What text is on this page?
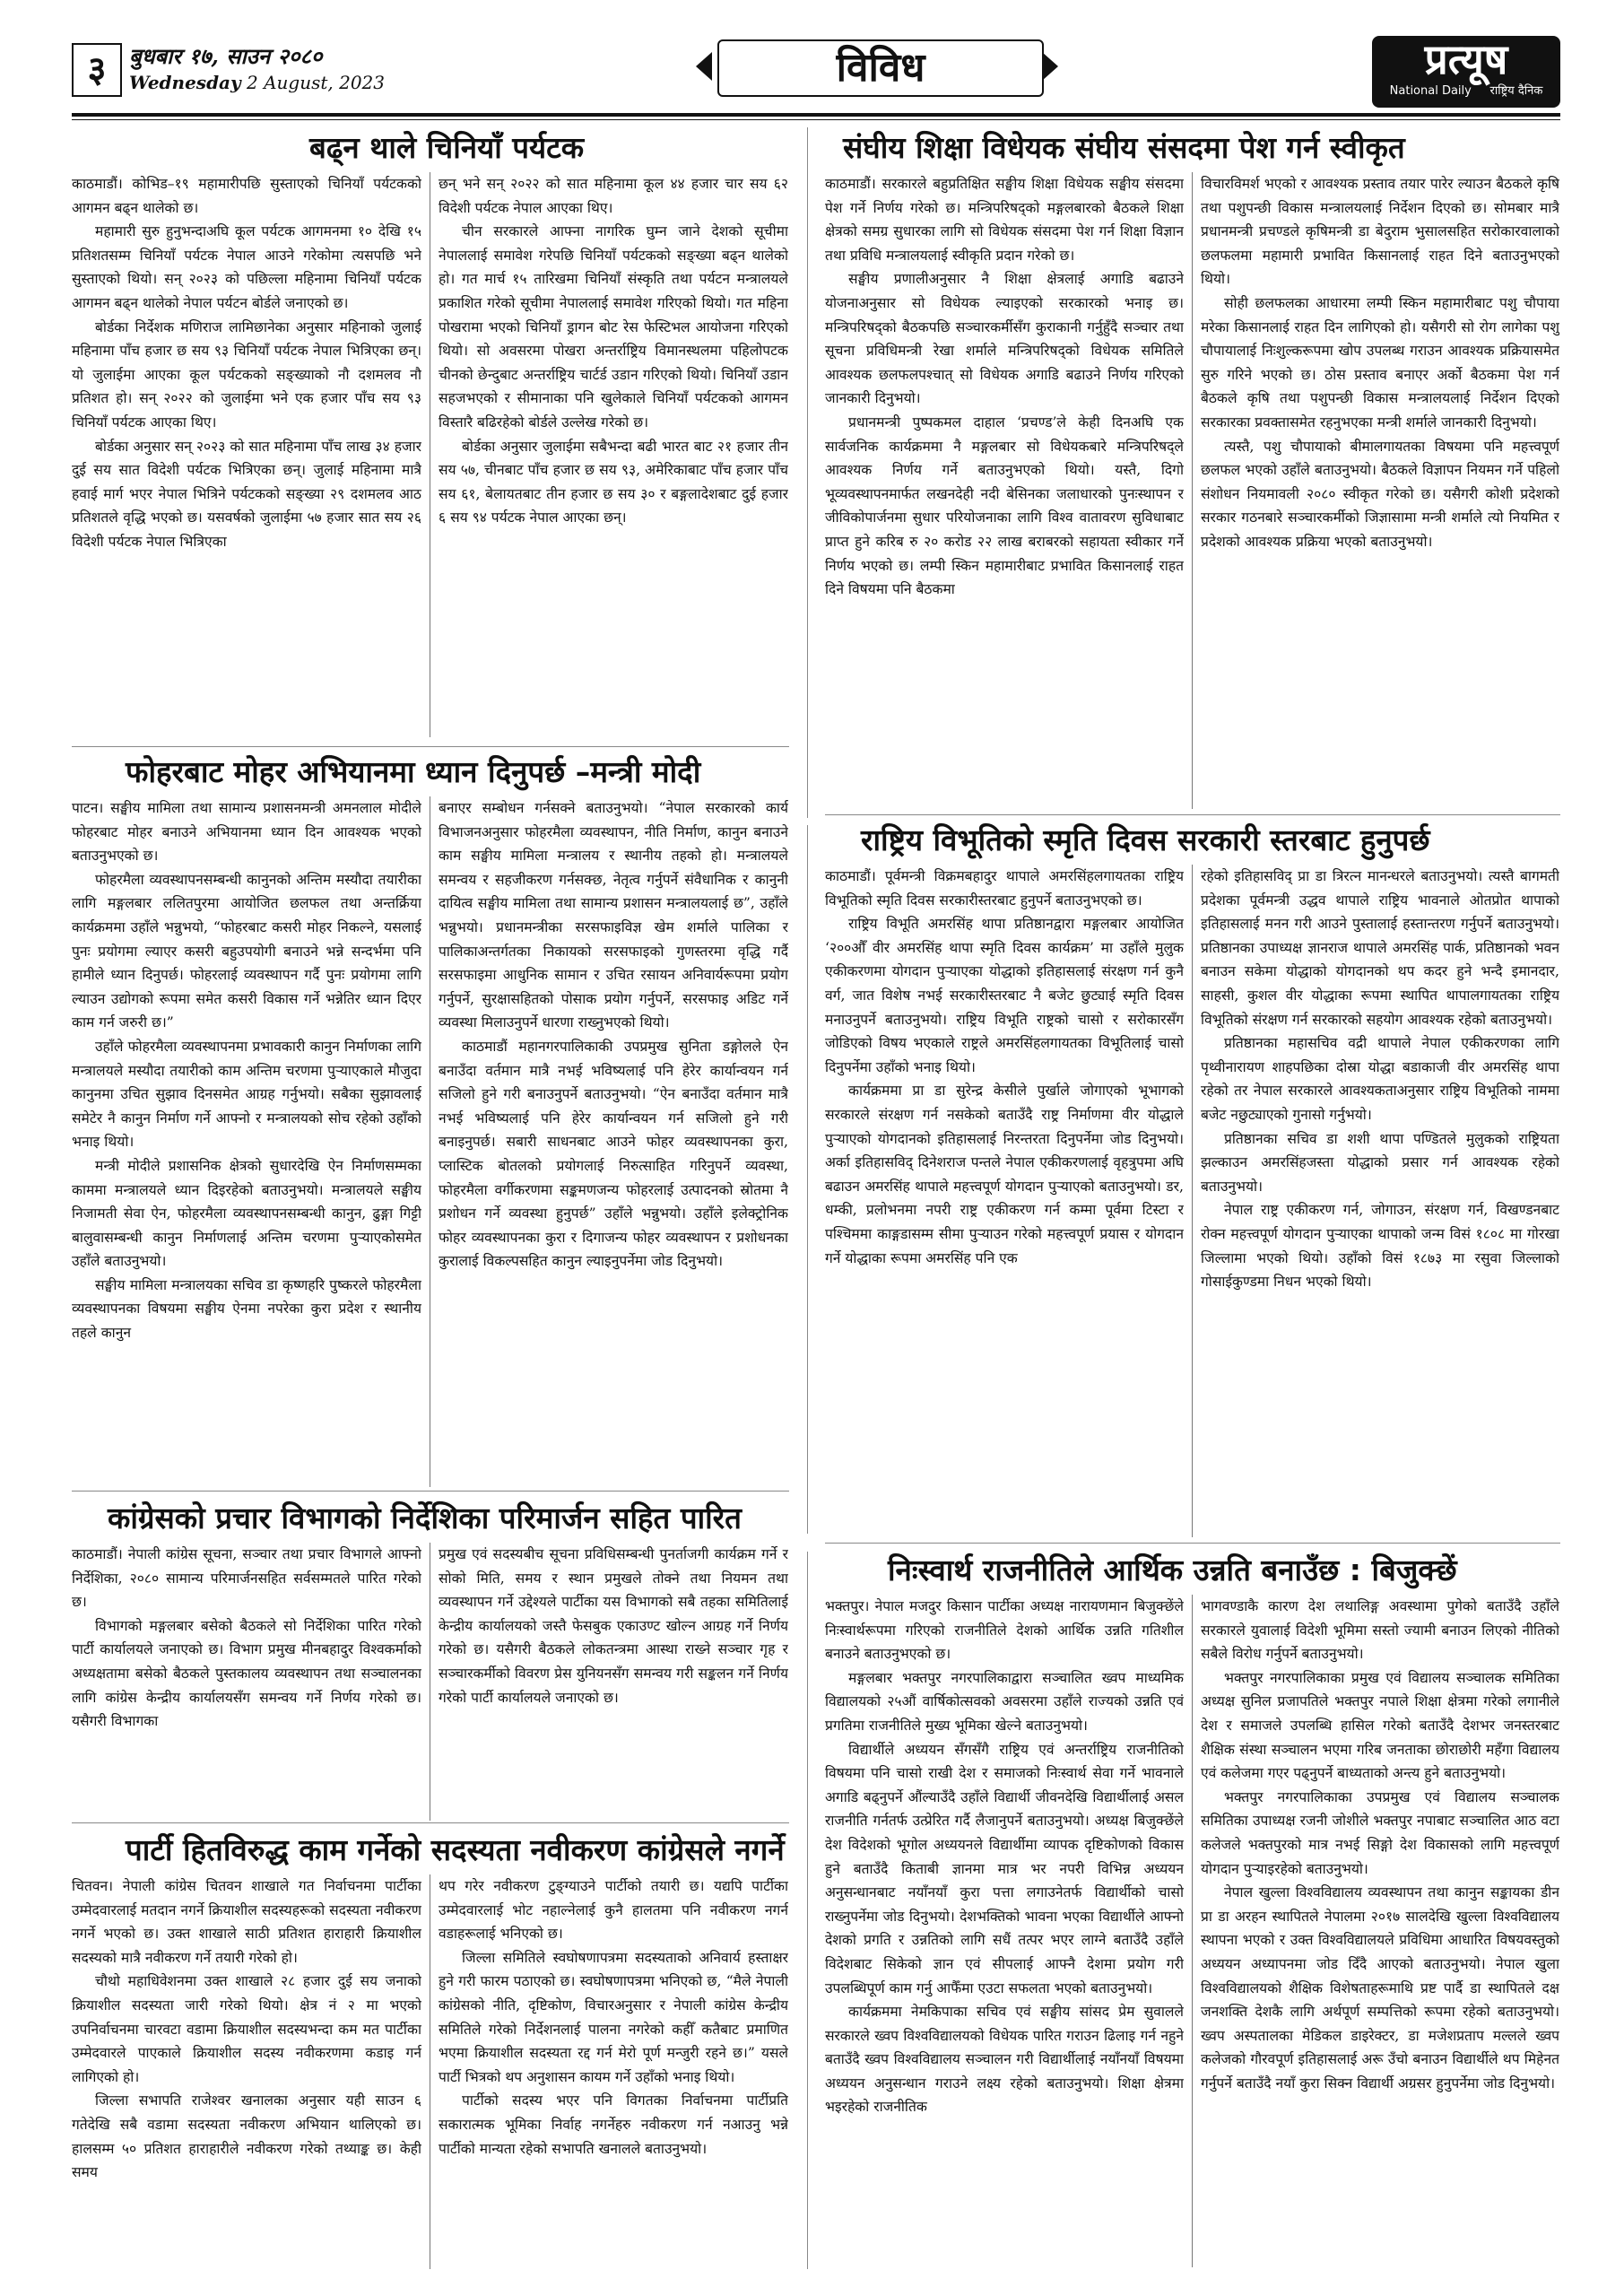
३	बुधबार १७, साउन २०८०
Wednesday 2 August, 2023	विविध	प्रत्यूष
National Daily राष्ट्रिय दैनिक
बढ्न थाले चिनियाँ पर्यटक

काठमाडौं। कोभिड–१९ महामारीपछि सुस्ताएको चिनियाँ पर्यटकको आगमन बढ्न थालेको छ।

महामारी सुरु हुनुभन्दाअघि कूल पर्यटक आगमनमा १० देखि १५ प्रतिशतसम्म चिनियाँ पर्यटक नेपाल आउने गरेकोमा त्यसपछि भने सुस्ताएको थियो। सन् २०२३ को पछिल्ला महिनामा चिनियाँ पर्यटक आगमन बढ्न थालेको नेपाल पर्यटन बोर्डले जनाएको छ।

बोर्डका निर्देशक मणिराज लामिछानेका अनुसार महिनाको जुलाई महिनामा पाँच हजार छ सय ९३ चिनियाँ पर्यटक नेपाल भित्रिएका छन्। यो जुलाईमा आएका कूल पर्यटकको सङ्ख्याको नौ दशमलव नौ प्रतिशत हो। सन् २०२२ को जुलाईमा भने एक हजार पाँच सय ९३ चिनियाँ पर्यटक आएका थिए।

बोर्डका अनुसार सन् २०२३ को सात महिनामा पाँच लाख ३४ हजार दुई सय सात विदेशी पर्यटक भित्रिएका छन्। जुलाई महिनामा मात्रै हवाई मार्ग भएर नेपाल भित्रिने पर्यटकको सङ्ख्या २९ दशमलव आठ प्रतिशतले वृद्धि भएको छ। यसवर्षको जुलाईमा ५७ हजार सात सय २६ विदेशी पर्यटक नेपाल भित्रिएका

छन् भने सन् २०२२ को सात महिनामा कूल ४४ हजार चार सय ६२ विदेशी पर्यटक नेपाल आएका थिए।

चीन सरकारले आफ्ना नागरिक घुम्न जाने देशको सूचीमा नेपाललाई समावेश गरेपछि चिनियाँ पर्यटकको सङ्ख्या बढ्न थालेको हो। गत मार्च १५ तारिखमा चिनियाँ संस्कृति तथा पर्यटन मन्त्रालयले प्रकाशित गरेको सूचीमा नेपाललाई समावेश गरिएको थियो। गत महिना पोखरामा भएको चिनियाँ ड्रागन बोट रेस फेस्टिभल आयोजना गरिएको थियो। सो अवसरमा पोखरा अन्तर्राष्ट्रिय विमानस्थलमा पहिलोपटक चीनको छेन्दुबाट अन्तर्राष्ट्रिय चार्टर्ड उडान गरिएको थियो। चिनियाँ उडान सहजभएको र सीमानाका पनि खुलेकाले चिनियाँ पर्यटकको आगमन विस्तारै बढिरहेको बोर्डले उल्लेख गरेको छ।

बोर्डका अनुसार जुलाईमा सबैभन्दा बढी भारत बाट २१ हजार तीन सय ५७, चीनबाट पाँच हजार छ सय ९३, अमेरिकाबाट पाँच हजार पाँच सय ६१, बेलायतबाट तीन हजार छ सय ३० र बङ्गलादेशबाट दुई हजार ६ सय ९४ पर्यटक नेपाल आएका छन्।

संघीय शिक्षा विधेयक संघीय संसदमा पेश गर्न स्वीकृत

काठमाडौं। सरकारले बहुप्रतिक्षित सङ्घीय शिक्षा विधेयक सङ्घीय संसदमा पेश गर्ने निर्णय गरेको छ। मन्त्रिपरिषद्को मङ्गलबारको बैठकले शिक्षा क्षेत्रको समग्र सुधारका लागि सो विधेयक संसदमा पेश गर्न शिक्षा विज्ञान तथा प्रविधि मन्त्रालयलाई स्वीकृति प्रदान गरेको छ।

सङ्घीय प्रणालीअनुसार नै शिक्षा क्षेत्रलाई अगाडि बढाउने योजनाअनुसार सो विधेयक ल्याइएको सरकारको भनाइ छ। मन्त्रिपरिषद्को बैठकपछि सञ्चारकर्मीसँग कुराकानी गर्नुहुँदै सञ्चार तथा सूचना प्रविधिमन्त्री रेखा शर्माले मन्त्रिपरिषद्को विधेयक समितिले आवश्यक छलफलपश्चात् सो विधेयक अगाडि बढाउने निर्णय गरिएको जानकारी दिनुभयो।

प्रधानमन्त्री पुष्पकमल दाहाल ‘प्रचण्ड’ले केही दिनअघि एक सार्वजनिक कार्यक्रममा नै मङ्गलबार सो विधेयकबारे मन्त्रिपरिषद्ले आवश्यक निर्णय गर्ने बताउनुभएको थियो। यस्तै, दिगो भूव्यवस्थापनमार्फत लखनदेही नदी बेसिनका जलाधारको पुनःस्थापन र जीविकोपार्जनमा सुधार परियोजनाका लागि विश्व वातावरण सुविधाबाट प्राप्त हुने करिब रु २० करोड २२ लाख बराबरको सहायता स्वीकार गर्ने निर्णय भएको छ। लम्पी स्किन महामारीबाट प्रभावित किसानलाई राहत दिने विषयमा पनि बैठकमा

विचारविमर्श भएको र आवश्यक प्रस्ताव तयार पारेर ल्याउन बैठकले कृषि तथा पशुपन्छी विकास मन्त्रालयलाई निर्देशन दिएको छ। सोमबार मात्रै प्रधानमन्त्री प्रचण्डले कृषिमन्त्री डा बेदुराम भुसालसहित सरोकारवालाको छलफलमा महामारी प्रभावित किसानलाई राहत दिने बताउनुभएको थियो।

सोही छलफलका आधारमा लम्पी स्किन महामारीबाट पशु चौपाया मरेका किसानलाई राहत दिन लागिएको हो। यसैगरी सो रोग लागेका पशु चौपायालाई निःशुल्करूपमा खोप उपलब्ध गराउन आवश्यक प्रक्रियासमेत सुरु गरिने भएको छ। ठोस प्रस्ताव बनाएर अर्को बैठकमा पेश गर्न बैठकले कृषि तथा पशुपन्छी विकास मन्त्रालयलाई निर्देशन दिएको सरकारका प्रवक्तासमेत रहनुभएका मन्त्री शर्माले जानकारी दिनुभयो।

त्यस्तै, पशु चौपायाको बीमालगायतका विषयमा पनि महत्त्वपूर्ण छलफल भएको उहाँले बताउनुभयो। बैठकले विज्ञापन नियमन गर्ने पहिलो संशोधन नियमावली २०८० स्वीकृत गरेको छ। यसैगरी कोशी प्रदेशको सरकार गठनबारे सञ्चारकर्मीको जिज्ञासामा मन्त्री शर्माले त्यो नियमित र प्रदेशको आवश्यक प्रक्रिया भएको बताउनुभयो।

फोहरबाट मोहर अभियानमा ध्यान दिनुपर्छ –मन्त्री मोदी

पाटन। सङ्घीय मामिला तथा सामान्य प्रशासनमन्त्री अमनलाल मोदीले फोहरबाट मोहर बनाउने अभियानमा ध्यान दिन आवश्यक भएको बताउनुभएको छ।

फोहरमैला व्यवस्थापनसम्बन्धी कानुनको अन्तिम मस्यौदा तयारीका लागि मङ्गलबार ललितपुरमा आयोजित छलफल तथा अन्तर्क्रिया कार्यक्रममा उहाँले भन्नुभयो, “फोहरबाट कसरी मोहर निकल्ने, यसलाई पुनः प्रयोगमा ल्याएर कसरी बहुउपयोगी बनाउने भन्ने सन्दर्भमा पनि हामीले ध्यान दिनुपर्छ। फोहरलाई व्यवस्थापन गर्दै पुनः प्रयोगमा लागि ल्याउन उद्योगको रूपमा समेत कसरी विकास गर्ने भन्नेतिर ध्यान दिएर काम गर्न जरुरी छ।”

उहाँले फोहरमैला व्यवस्थापनमा प्रभावकारी कानुन निर्माणका लागि मन्त्रालयले मस्यौदा तयारीको काम अन्तिम चरणमा पुर्‍याएकाले मौजुदा कानुनमा उचित सुझाव दिनसमेत आग्रह गर्नुभयो। सबैका सुझावलाई समेटेर नै कानुन निर्माण गर्ने आफ्नो र मन्त्रालयको सोच रहेको उहाँको भनाइ थियो।

मन्त्री मोदीले प्रशासनिक क्षेत्रको सुधारदेखि ऐन निर्माणसम्मका काममा मन्त्रालयले ध्यान दिइरहेको बताउनुभयो। मन्त्रालयले सङ्घीय निजामती सेवा ऐन, फोहरमैला व्यवस्थापनसम्बन्धी कानुन, ढुङ्गा गिट्टी बालुवासम्बन्धी कानुन निर्माणलाई अन्तिम चरणमा पुर्‍याएकोसमेत उहाँले बताउनुभयो।

सङ्घीय मामिला मन्त्रालयका सचिव डा कृष्णहरि पुष्करले फोहरमैला व्यवस्थापनका विषयमा सङ्घीय ऐनमा नपरेका कुरा प्रदेश र स्थानीय तहले कानुन

बनाएर सम्बोधन गर्नसक्ने बताउनुभयो। “नेपाल सरकारको कार्य विभाजनअनुसार फोहरमैला व्यवस्थापन, नीति निर्माण, कानुन बनाउने काम सङ्घीय मामिला मन्त्रालय र स्थानीय तहको हो। मन्त्रालयले समन्वय र सहजीकरण गर्नसक्छ, नेतृत्व गर्नुपर्ने संवैधानिक र कानुनी दायित्व सङ्घीय मामिला तथा सामान्य प्रशासन मन्त्रालयलाई छ”, उहाँले भन्नुभयो। प्रधानमन्त्रीका सरसफाइविज्ञ खेम शर्माले पालिका र पालिकाअन्तर्गतका निकायको सरसफाइको गुणस्तरमा वृद्धि गर्दै सरसफाइमा आधुनिक सामान र उचित रसायन अनिवार्यरूपमा प्रयोग गर्नुपर्ने, सुरक्षासहितको पोसाक प्रयोग गर्नुपर्ने, सरसफाइ अडिट गर्ने व्यवस्था मिलाउनुपर्ने धारणा राख्नुभएको थियो।

काठमाडौं महानगरपालिकाकी उपप्रमुख सुनिता डङ्गोलले ऐन बनाउँदा वर्तमान मात्रै नभई भविष्यलाई पनि हेरेर कार्यान्वयन गर्न सजिलो हुने गरी बनाउनुपर्ने बताउनुभयो। “ऐन बनाउँदा वर्तमान मात्रै नभई भविष्यलाई पनि हेरेर कार्यान्वयन गर्न सजिलो हुने गरी बनाइनुपर्छ। सबारी साधनबाट आउने फोहर व्यवस्थापनका कुरा, प्लास्टिक बोतलको प्रयोगलाई निरुत्साहित गरिनुपर्ने व्यवस्था, फोहरमैला वर्गीकरणमा सङ्कमणजन्य फोहरलाई उत्पादनको स्रोतमा नै प्रशोधन गर्ने व्यवस्था हुनुपर्छ” उहाँले भन्नुभयो। उहाँले इलेक्ट्रोनिक फोहर व्यवस्थापनका कुरा र दिगाजन्य फोहर व्यवस्थापन र प्रशोधनका कुरालाई विकल्पसहित कानुन ल्याइनुपर्नेमा जोड दिनुभयो।

राष्ट्रिय विभूतिको स्मृति दिवस सरकारी स्तरबाट हुनुपर्छ

काठमाडौं। पूर्वमन्त्री विक्रमबहादुर थापाले अमरसिंहलगायतका राष्ट्रिय विभूतिको स्मृति दिवस सरकारीस्तरबाट हुनुपर्ने बताउनुभएको छ।

राष्ट्रिय विभूति अमरसिंह थापा प्रतिष्ठानद्वारा मङ्गलबार आयोजित ‘२००औँ वीर अमरसिंह थापा स्मृति दिवस कार्यक्रम’ मा उहाँले मुलुक एकीकरणमा योगदान पुर्‍याएका योद्धाको इतिहासलाई संरक्षण गर्न कुनै वर्ग, जात विशेष नभई सरकारीस्तरबाट नै बजेट छुट्याई स्मृति दिवस मनाउनुपर्ने बताउनुभयो। राष्ट्रिय विभूति राष्ट्रको चासो र सरोकारसँग जोडिएको विषय भएकाले राष्ट्रले अमरसिंहलगायतका विभूतिलाई चासो दिनुपर्नेमा उहाँको भनाइ थियो।

कार्यक्रममा प्रा डा सुरेन्द्र केसीले पुर्खाले जोगाएको भूभागको सरकारले संरक्षण गर्न नसकेको बताउँदै राष्ट्र निर्माणमा वीर योद्धाले पुर्‍याएको योगदानको इतिहासलाई निरन्तरता दिनुपर्नेमा जोड दिनुभयो। अर्का इतिहासविद् दिनेशराज पन्तले नेपाल एकीकरणलाई वृहत्रुपमा अघि बढाउन अमरसिंह थापाले महत्त्वपूर्ण योगदान पुर्‍याएको बताउनुभयो। डर, धम्की, प्रलोभनमा नपरी राष्ट्र एकीकरण गर्न कम्मा पूर्वमा टिस्टा र पश्चिममा काङ्गडासम्म सीमा पुर्‍याउन गरेको महत्त्वपूर्ण प्रयास र योगदान गर्ने योद्धाका रूपमा अमरसिंह पनि एक

रहेको इतिहासविद् प्रा डा त्रिरत्न मानन्धरले बताउनुभयो। त्यस्तै बागमती प्रदेशका पूर्वमन्त्री उद्धव थापाले राष्ट्रिय भावनाले ओतप्रोत थापाको इतिहासलाई मनन गरी आउने पुस्तालाई हस्तान्तरण गर्नुपर्ने बताउनुभयो। प्रतिष्ठानका उपाध्यक्ष ज्ञानराज थापाले अमरसिंह पार्क, प्रतिष्ठानको भवन बनाउन सकेमा योद्धाको योगदानको थप कदर हुने भन्दै इमानदार, साहसी, कुशल वीर योद्धाका रूपमा स्थापित थापालगायतका राष्ट्रिय विभूतिको संरक्षण गर्न सरकारको सहयोग आवश्यक रहेको बताउनुभयो।

प्रतिष्ठानका महासचिव वद्री थापाले नेपाल एकीकरणका लागि पृथ्वीनारायण शाहपछिका दोस्रा योद्धा बडाकाजी वीर अमरसिंह थापा रहेको तर नेपाल सरकारले आवश्यकताअनुसार राष्ट्रिय विभूतिको नाममा बजेट नछुट्याएको गुनासो गर्नुभयो।

प्रतिष्ठानका सचिव डा शशी थापा पण्डितले मुलुकको राष्ट्रियता झल्काउन अमरसिंहजस्ता योद्धाको प्रसार गर्न आवश्यक रहेको बताउनुभयो।

नेपाल राष्ट्र एकीकरण गर्न, जोगाउन, संरक्षण गर्न, विखण्डनबाट रोक्न महत्त्वपूर्ण योगदान पुर्‍याएका थापाको जन्म विसं १८०८ मा गोरखा जिल्लामा भएको थियो। उहाँको विसं १८७३ मा रसुवा जिल्लाको गोसाईकुण्डमा निधन भएको थियो।

कांग्रेसको प्रचार विभागको निर्देशिका परिमार्जन सहित पारित

काठमाडौं। नेपाली कांग्रेस सूचना, सञ्चार तथा प्रचार विभागले आफ्नो निर्देशिका, २०८० सामान्य परिमार्जनसहित सर्वसम्मतले पारित गरेको छ।

विभागको मङ्गलबार बसेको बैठकले सो निर्देशिका पारित गरेको पार्टी कार्यालयले जनाएको छ। विभाग प्रमुख मीनबहादुर विश्वकर्माको अध्यक्षतामा बसेको बैठकले पुस्तकालय व्यवस्थापन तथा सञ्चालनका लागि कांग्रेस केन्द्रीय कार्यालयसँग समन्वय गर्ने निर्णय गरेको छ। यसैगरी विभागका

प्रमुख एवं सदस्यबीच सूचना प्रविधिसम्बन्धी पुनर्ताजगी कार्यक्रम गर्ने र सोको मिति, समय र स्थान प्रमुखले तोक्ने तथा नियमन तथा व्यवस्थापन गर्ने उद्देश्यले पार्टीका यस विभागको सबै तहका समितिलाई केन्द्रीय कार्यालयको जस्तै फेसबुक एकाउण्ट खोल्न आग्रह गर्ने निर्णय गरेको छ। यसैगरी बैठकले लोकतन्त्रमा आस्था राख्ने सञ्चार गृह र सञ्चारकर्मीको विवरण प्रेस युनियनसँग समन्वय गरी सङ्कलन गर्ने निर्णय गरेको पार्टी कार्यालयले जनाएको छ।

निःस्वार्थ राजनीतिले आर्थिक उन्नति बनाउँछ : बिजुक्छें

भक्तपुर। नेपाल मजदुर किसान पार्टीका अध्यक्ष नारायणमान बिजुक्छेंले निःस्वार्थरूपमा गरिएको राजनीतिले देशको आर्थिक उन्नति गतिशील बनाउने बताउनुभएको छ।

मङ्गलबार भक्तपुर नगरपालिकाद्वारा सञ्चालित ख्वप माध्यमिक विद्यालयको २५औं वार्षिकोत्सवको अवसरमा उहाँले राज्यको उन्नति एवं प्रगतिमा राजनीतिले मुख्य भूमिका खेल्ने बताउनुभयो।

विद्यार्थीले अध्ययन सँगसँगै राष्ट्रिय एवं अन्तर्राष्ट्रिय राजनीतिको विषयमा पनि चासो राखी देश र समाजको निःस्वार्थ सेवा गर्ने भावनाले अगाडि बढ्नुपर्ने औंल्याउँदै उहाँले विद्यार्थी जीवनदेखि विद्यार्थीलाई असल राजनीति गर्नतर्फ उत्प्रेरित गर्दै लैजानुपर्ने बताउनुभयो। अध्यक्ष बिजुक्छेंले देश विदेशको भूगोल अध्ययनले विद्यार्थीमा व्यापक दृष्टिकोणको विकास हुने बताउँदै किताबी ज्ञानमा मात्र भर नपरी विभिन्न अध्ययन अनुसन्धानबाट नयाँनयाँ कुरा पत्ता लगाउनेतर्फ विद्यार्थीको चासो राख्नुपर्नेमा जोड दिनुभयो। देशभक्तिको भावना भएका विद्यार्थीले आफ्नो देशको प्रगति र उन्नतिको लागि सधैं तत्पर भएर लाग्ने बताउँदै उहाँले विदेशबाट सिकेको ज्ञान एवं सीपलाई आफ्नै देशमा प्रयोग गरी उपलब्धिपूर्ण काम गर्नु आफैँमा एउटा सफलता भएको बताउनुभयो।

कार्यक्रममा नेमकिपाका सचिव एवं सङ्घीय सांसद प्रेम सुवालले सरकारले ख्वप विश्वविद्यालयको विधेयक पारित गराउन ढिलाइ गर्न नहुने बताउँदै ख्वप विश्वविद्यालय सञ्चालन गरी विद्यार्थीलाई नयाँनयाँ विषयमा अध्ययन अनुसन्धान गराउने लक्ष्य रहेको बताउनुभयो। शिक्षा क्षेत्रमा भइरहेको राजनीतिक

भागवण्डाकै कारण देश लथालिङ्ग अवस्थामा पुगेको बताउँदै उहाँले सरकारले युवालाई विदेशी भूमिमा सस्तो ज्यामी बनाउन लिएको नीतिको सबैले विरोध गर्नुपर्ने बताउनुभयो।

भक्तपुर नगरपालिकाका प्रमुख एवं विद्यालय सञ्चालक समितिका अध्यक्ष सुनिल प्रजापतिले भक्तपुर नपाले शिक्षा क्षेत्रमा गरेको लगानीले देश र समाजले उपलब्धि हासिल गरेको बताउँदै देशभर जनस्तरबाट शैक्षिक संस्था सञ्चालन भएमा गरिब जनताका छोराछोरी महँगा विद्यालय एवं कलेजमा गएर पढ्नुपर्ने बाध्यताको अन्त्य हुने बताउनुभयो।

भक्तपुर नगरपालिकाका उपप्रमुख एवं विद्यालय सञ्चालक समितिका उपाध्यक्ष रजनी जोशीले भक्तपुर नपाबाट सञ्चालित आठ वटा कलेजले भक्तपुरको मात्र नभई सिङ्गो देश विकासको लागि महत्त्वपूर्ण योगदान पुर्‍याइरहेको बताउनुभयो।

नेपाल खुल्ला विश्वविद्यालय व्यवस्थापन तथा कानुन सङ्कायका डीन प्रा डा अरहन स्थापितले नेपालमा २०१७ सालदेखि खुल्ला विश्वविद्यालय स्थापना भएको र उक्त विश्वविद्यालयले प्रविधिमा आधारित विषयवस्तुको अध्ययन अध्यापनमा जोड दिँदै आएको बताउनुभयो। नेपाल खुला विश्वविद्यालयको शैक्षिक विशेषताहरूमाथि प्रष्ट पार्दै डा स्थापितले दक्ष जनशक्ति देशकै लागि अर्थपूर्ण सम्पत्तिको रूपमा रहेको बताउनुभयो। ख्वप अस्पतालका मेडिकल डाइरेक्टर, डा मजेशप्रताप मल्लले ख्वप कलेजको गौरवपूर्ण इतिहासलाई अरू उँचो बनाउन विद्यार्थीले थप मिहेनत गर्नुपर्ने बताउँदै नयाँ कुरा सिक्न विद्यार्थी अग्रसर हुनुपर्नेमा जोड दिनुभयो।

पार्टी हितविरुद्ध काम गर्नेको सदस्यता नवीकरण कांग्रेसले नगर्ने

चितवन। नेपाली कांग्रेस चितवन शाखाले गत निर्वाचनमा पार्टीका उम्मेदवारलाई मतदान नगर्ने क्रियाशील सदस्यहरूको सदस्यता नवीकरण नगर्ने भएको छ। उक्त शाखाले साठी प्रतिशत हाराहारी क्रियाशील सदस्यको मात्रै नवीकरण गर्ने तयारी गरेको हो।

चौथो महाधिवेशनमा उक्त शाखाले २८ हजार दुई सय जनाको क्रियाशील सदस्यता जारी गरेको थियो। क्षेत्र नं २ मा भएको उपनिर्वाचनमा चारवटा वडामा क्रियाशील सदस्यभन्दा कम मत पार्टीका उम्मेदवारले पाएकाले क्रियाशील सदस्य नवीकरणमा कडाइ गर्न लागिएको हो।

जिल्ला सभापति राजेश्वर खनालका अनुसार यही साउन ६ गतेदेखि सबै वडामा सदस्यता नवीकरण अभियान थालिएको छ। हालसम्म ५० प्रतिशत हाराहारीले नवीकरण गरेको तथ्याङ्क छ। केही समय

थप गरेर नवीकरण टुङ्ग्याउने पार्टीको तयारी छ। यद्यपि पार्टीका उम्मेदवारलाई भोट नहाल्नेलाई कुनै हालतमा पनि नवीकरण नगर्न वडाहरूलाई भनिएको छ।

जिल्ला समितिले स्वघोषणापत्रमा सदस्यताको अनिवार्य हस्ताक्षर हुने गरी फारम पठाएको छ। स्वघोषणापत्रमा भनिएको छ, “मैले नेपाली कांग्रेसको नीति, दृष्टिकोण, विचारअनुसार र नेपाली कांग्रेस केन्द्रीय समितिले गरेको निर्देशनलाई पालना नगरेको कहीँ कतैबाट प्रमाणित भएमा क्रियाशील सदस्यता रद्द गर्न मेरो पूर्ण मन्जुरी रहने छ।” यसले पार्टी भित्रको थप अनुशासन कायम गर्ने उहाँको भनाइ थियो।

पार्टीको सदस्य भएर पनि विगतका निर्वाचनमा पार्टीप्रति सकारात्मक भूमिका निर्वाह नगर्नेहरु नवीकरण गर्न नआउनु भन्ने पार्टीको मान्यता रहेको सभापति खनालले बताउनुभयो।
